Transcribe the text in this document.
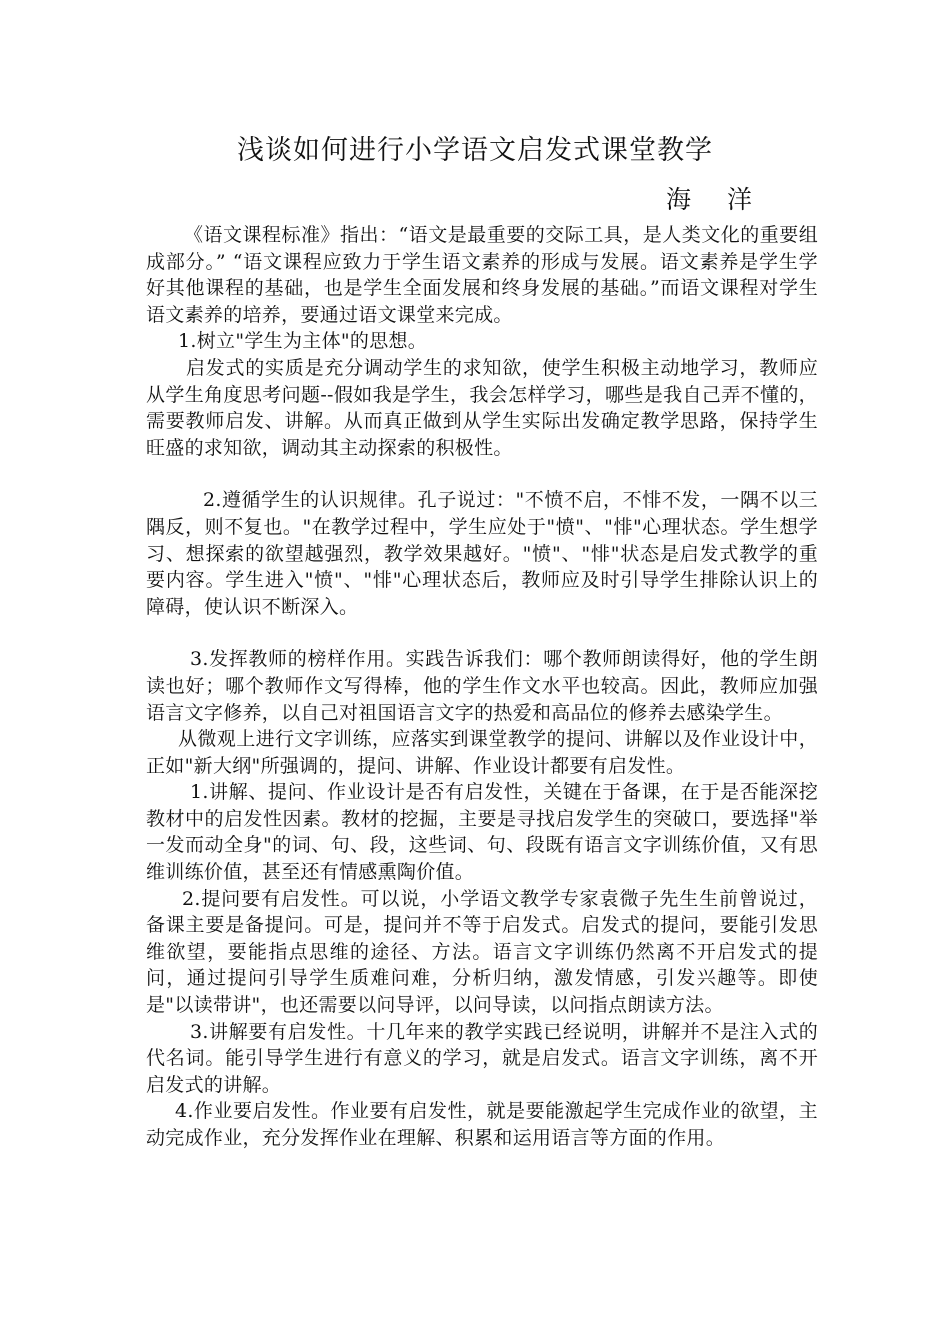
浅谈如何进行小学语文启发式课堂教学
海 洋

《语文课程标准》指出：“语文是最重要的交际工具，是人类文化的重要组成部分。” “语文课程应致力于学生语文素养的形成与发展。语文素养是学生学好其他课程的基础，也是学生全面发展和终身发展的基础。”而语文课程对学生语文素养的培养，要通过语文课堂来完成。

1.树立"学生为主体"的思想。

启发式的实质是充分调动学生的求知欲，使学生积极主动地学习，教师应从学生角度思考问题--假如我是学生，我会怎样学习，哪些是我自己弄不懂的，需要教师启发、讲解。从而真正做到从学生实际出发确定教学思路，保持学生旺盛的求知欲，调动其主动探索的积极性。

2.遵循学生的认识规律。孔子说过："不愤不启，不悱不发，一隅不以三隅反，则不复也。"在教学过程中，学生应处于"愤"、"悱"心理状态。学生想学习、想探索的欲望越强烈，教学效果越好。"愤"、"悱"状态是启发式教学的重要内容。学生进入"愤"、"悱"心理状态后，教师应及时引导学生排除认识上的障碍，使认识不断深入。

3.发挥教师的榜样作用。实践告诉我们：哪个教师朗读得好，他的学生朗读也好；哪个教师作文写得棒，他的学生作文水平也较高。因此，教师应加强语言文字修养，以自己对祖国语言文字的热爱和高品位的修养去感染学生。

从微观上进行文字训练，应落实到课堂教学的提问、讲解以及作业设计中，正如"新大纲"所强调的，提问、讲解、作业设计都要有启发性。

1.讲解、提问、作业设计是否有启发性，关键在于备课，在于是否能深挖教材中的启发性因素。教材的挖掘，主要是寻找启发学生的突破口，要选择"举一发而动全身"的词、句、段，这些词、句、段既有语言文字训练价值，又有思维训练价值，甚至还有情感熏陶价值。

2.提问要有启发性。可以说，小学语文教学专家袁微子先生生前曾说过，备课主要是备提问。可是，提问并不等于启发式。启发式的提问，要能引发思维欲望，要能指点思维的途径、方法。语言文字训练仍然离不开启发式的提问，通过提问引导学生质难问难，分析归纳，激发情感，引发兴趣等。即使是"以读带讲"，也还需要以问导评，以问导读，以问指点朗读方法。

3.讲解要有启发性。十几年来的教学实践已经说明，讲解并不是注入式的代名词。能引导学生进行有意义的学习，就是启发式。语言文字训练，离不开启发式的讲解。

4.作业要启发性。作业要有启发性，就是要能激起学生完成作业的欲望，主动完成作业，充分发挥作业在理解、积累和运用语言等方面的作用。
